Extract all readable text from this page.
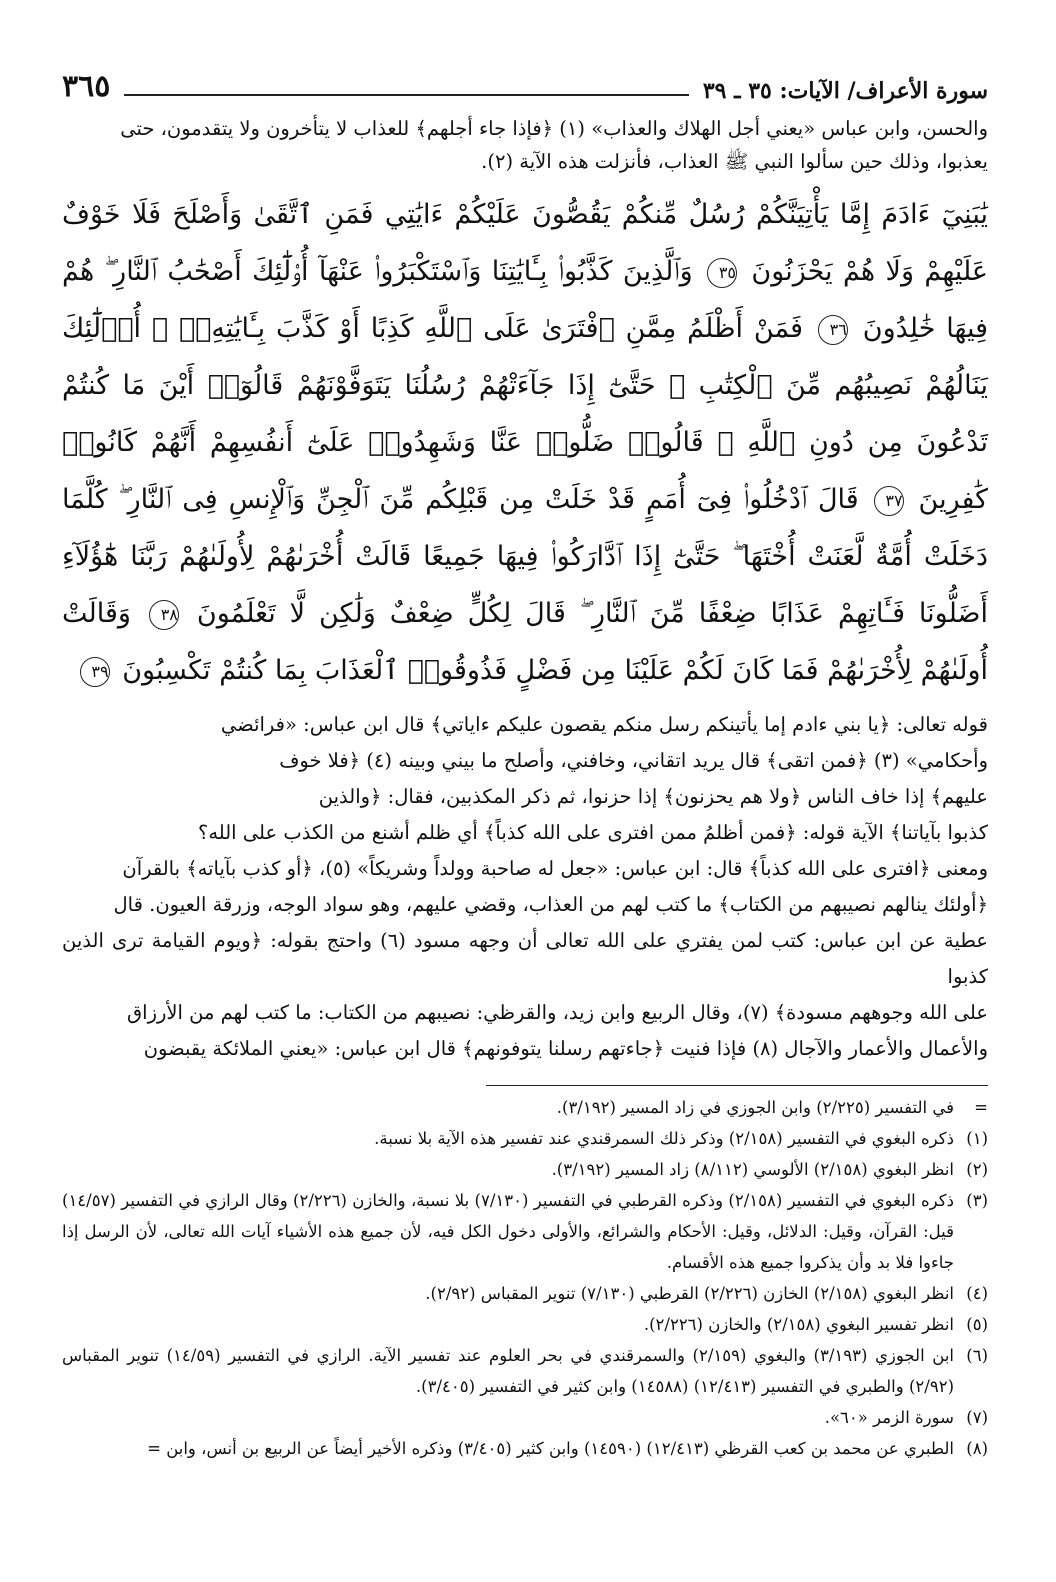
سورة الأعراف/ الآيات: ٣٥ ـ ٣٩
٣٦٥
والحسن، وابن عباس «يعني أجل الهلاك والعذاب» (١) ﴿فإذا جاء أجلهم﴾ للعذاب لا يتأخرون ولا يتقدمون، حتى
يعذبوا، وذلك حين سألوا النبي ﷺ العذاب، فأنزلت هذه الآية (٢).
يَٰبَنِيٓ ءَادَمَ إِمَّا يَأْتِيَنَّكُمْ رُسُلٌ مِّنكُمْ يَقُصُّونَ عَلَيْكُمْ ءَايَٰتِي فَمَنِ ٱتَّقَىٰ وَأَصْلَحَ فَلَا خَوْفٌ عَلَيْهِمْ وَلَا هُمْ يَحْزَنُونَ ٣٥ وَٱلَّذِينَ كَذَّبُوا۟ بِـَٔايَٰتِنَا وَٱسْتَكْبَرُوا۟ عَنْهَآ أُو۟لَٰٓئِكَ أَصْحَٰبُ ٱلنَّارِ ۖ هُمْ فِيهَا خَٰلِدُونَ ٣٦ فَمَنْ أَظْلَمُ مِمَّنِ ٱفْتَرَىٰ عَلَى ٱللَّهِ كَذِبًا أَوْ كَذَّبَ بِـَٔايَٰتِهِۦٓ ۚ أُو۟لَٰٓئِكَ يَنَالُهُمْ نَصِيبُهُم مِّنَ ٱلْكِتَٰبِ ۖ حَتَّىٰٓ إِذَا جَآءَتْهُمْ رُسُلُنَا يَتَوَفَّوْنَهُمْ قَالُوٓا۟ أَيْنَ مَا كُنتُمْ تَدْعُونَ مِن دُونِ ٱللَّهِ ۖ قَالُوا۟ ضَلُّوا۟ عَنَّا وَشَهِدُوا۟ عَلَىٰٓ أَنفُسِهِمْ أَنَّهُمْ كَانُوا۟ كَٰفِرِينَ ٣٧ قَالَ ٱدْخُلُوا۟ فِىٓ أُمَمٍ قَدْ خَلَتْ مِن قَبْلِكُم مِّنَ ٱلْجِنِّ وَٱلْإِنسِ فِى ٱلنَّارِ ۖ كُلَّمَا دَخَلَتْ أُمَّةٌ لَّعَنَتْ أُخْتَهَا ۖ حَتَّىٰٓ إِذَا ٱدَّارَكُوا۟ فِيهَا جَمِيعًا قَالَتْ أُخْرَىٰهُمْ لِأُولَىٰهُمْ رَبَّنَا هَٰٓؤُلَآءِ أَضَلُّونَا فَـَٔاتِهِمْ عَذَابًا ضِعْفًا مِّنَ ٱلنَّارِ ۖ قَالَ لِكُلٍّ ضِعْفٌ وَلَٰكِن لَّا تَعْلَمُونَ ٣٨ وَقَالَتْ أُولَىٰهُمْ لِأُخْرَىٰهُمْ فَمَا كَانَ لَكُمْ عَلَيْنَا مِن فَضْلٍ فَذُوقُوا۟ ٱلْعَذَابَ بِمَا كُنتُمْ تَكْسِبُونَ ٣٩
قوله تعالى: ﴿يا بني ءادم إما يأتينكم رسل منكم يقصون عليكم ءاياتي﴾ قال ابن عباس: «فرائضي
وأحكامي» (٣) ﴿فمن اتقى﴾ قال يريد اتقاني، وخافني، وأصلح ما بيني وبينه (٤) ﴿فلا خوف
عليهم﴾ إذا خاف الناس ﴿ولا هم يحزنون﴾ إذا حزنوا، ثم ذكر المكذبين، فقال: ﴿والذين
كذبوا بآياتنا﴾ الآية قوله: ﴿فمن أظلمُ ممن افترى على الله كذباً﴾ أي ظلم أشنع من الكذب على الله؟
ومعنى ﴿افترى على الله كذباً﴾ قال: ابن عباس: «جعل له صاحبة وولداً وشريكاً» (٥)، ﴿أو كذب بآياته﴾ بالقرآن
﴿أولئك ينالهم نصيبهم من الكتاب﴾ ما كتب لهم من العذاب، وقضي عليهم، وهو سواد الوجه، وزرقة العيون. قال
عطية عن ابن عباس: كتب لمن يفتري على الله تعالى أن وجهه مسود (٦) واحتج بقوله: ﴿ويوم القيامة ترى الذين كذبوا
على الله وجوههم مسودة﴾ (٧)، وقال الربيع وابن زيد، والقرظي: نصيبهم من الكتاب: ما كتب لهم من الأرزاق
والأعمال والأعمار والآجال (٨) فإذا فنيت ﴿جاءتهم رسلنا يتوفونهم﴾ قال ابن عباس: «يعني الملائكة يقبضون
=
في التفسير (٢/٢٢٥) وابن الجوزي في زاد المسير (٣/١٩٢).
(١)
ذكره البغوي في التفسير (٢/١٥٨) وذكر ذلك السمرقندي عند تفسير هذه الآية بلا نسبة.
(٢)
انظر البغوي (٢/١٥٨) الألوسي (٨/١١٢) زاد المسير (٣/١٩٢).
(٣)
ذكره البغوي في التفسير (٢/١٥٨) وذكره القرطبي في التفسير (٧/١٣٠) بلا نسبة، والخازن (٢/٢٢٦) وقال الرازي في التفسير (١٤/٥٧) قيل: القرآن، وقيل: الدلائل، وقيل: الأحكام والشرائع، والأولى دخول الكل فيه، لأن جميع هذه الأشياء آيات الله تعالى، لأن الرسل إذا جاءوا فلا بد وأن يذكروا جميع هذه الأقسام.
(٤)
انظر البغوي (٢/١٥٨) الخازن (٢/٢٢٦) القرطبي (٧/١٣٠) تنوير المقباس (٢/٩٢).
(٥)
انظر تفسير البغوي (٢/١٥٨) والخازن (٢/٢٢٦).
(٦)
ابن الجوزي (٣/١٩٣) والبغوي (٢/١٥٩) والسمرقندي في بحر العلوم عند تفسير الآية. الرازي في التفسير (١٤/٥٩) تنوير المقباس (٢/٩٢) والطبري في التفسير (١٢/٤١٣) (١٤٥٨٨) وابن كثير في التفسير (٣/٤٠٥).
(٧)
سورة الزمر «٦٠».
(٨)
الطبري عن محمد بن كعب القرظي (١٢/٤١٣) (١٤٥٩٠) وابن كثير (٣/٤٠٥) وذكره الأخير أيضاً عن الربيع بن أنس، وابن =
